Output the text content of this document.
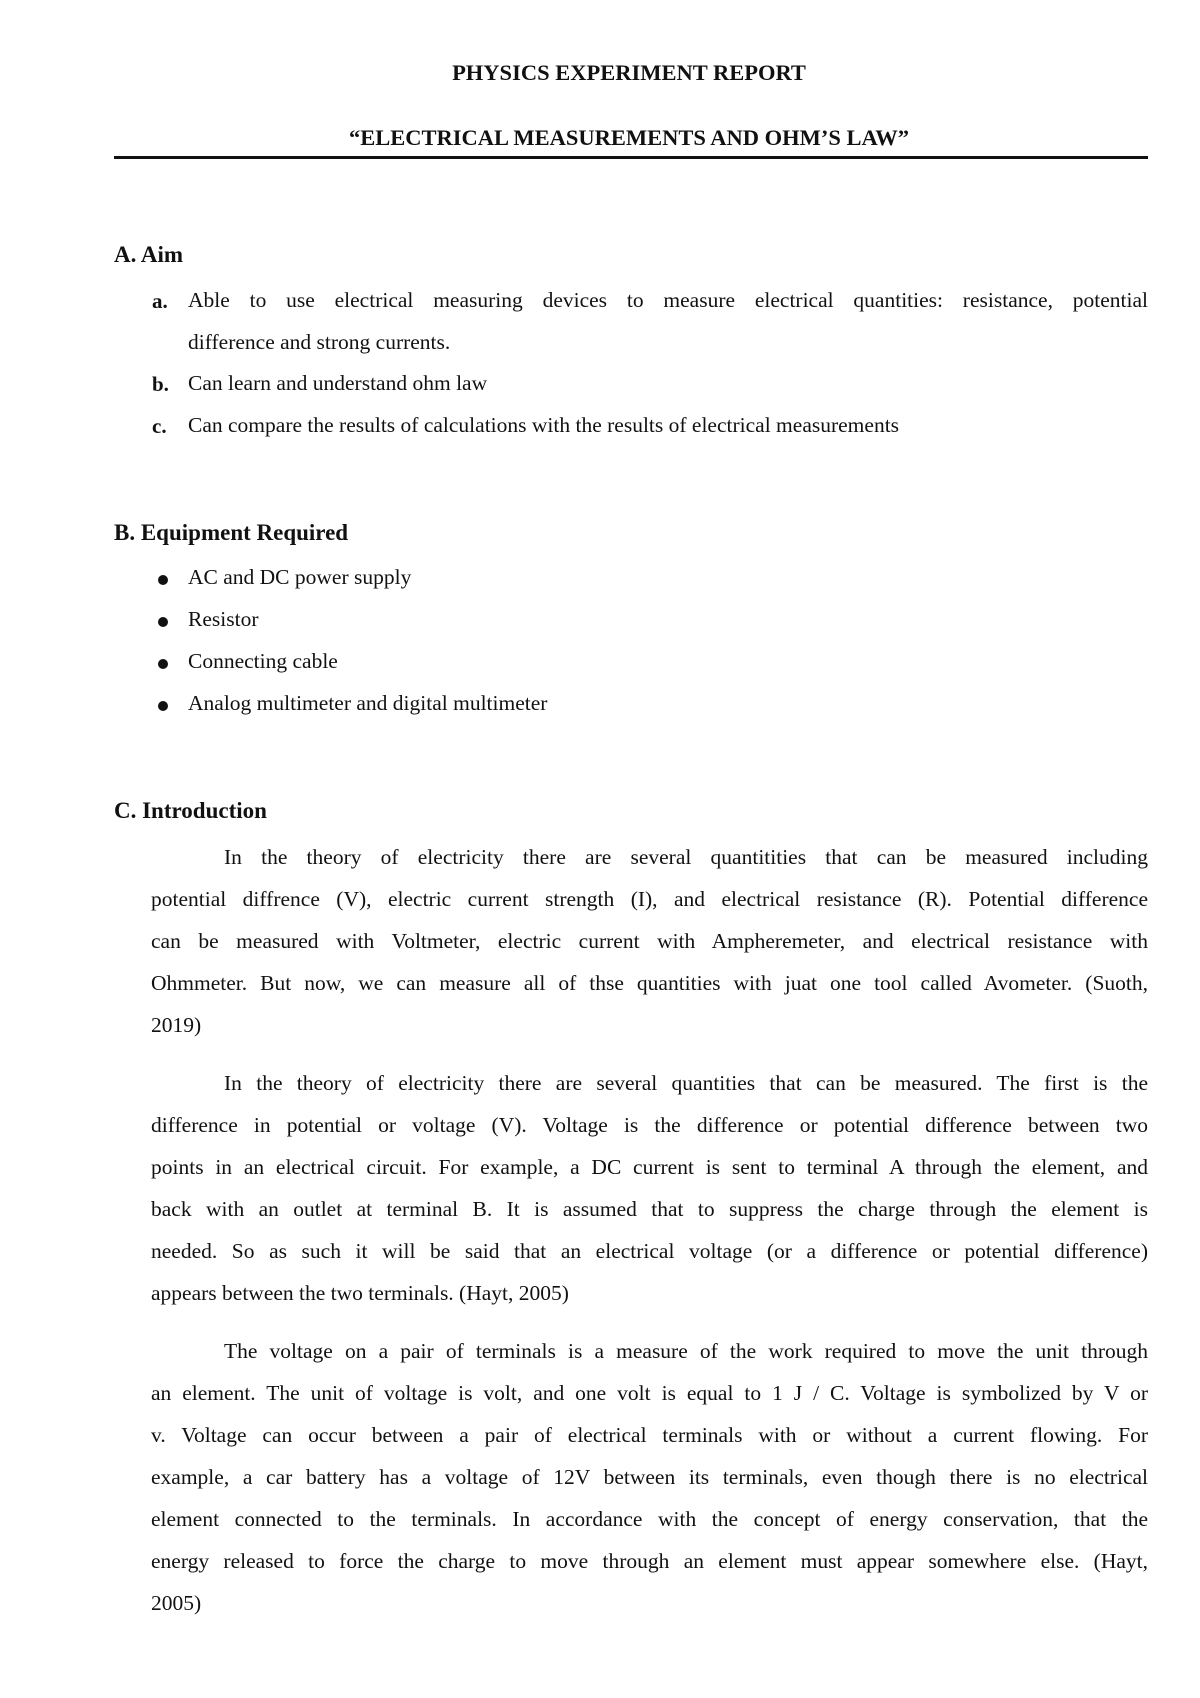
PHYSICS EXPERIMENT REPORT
“ELECTRICAL MEASUREMENTS AND OHM’S LAW”
A. Aim
a. Able to use electrical measuring devices to measure electrical quantities: resistance, potential
difference and strong currents.
b. Can learn and understand ohm law
c. Can compare the results of calculations with the results of electrical measurements
B. Equipment Required
AC and DC power supply
Resistor
Connecting cable
Analog multimeter and digital multimeter
C. Introduction
In the theory of electricity there are several quantitities that can be measured including
potential diffrence (V), electric current strength (I), and electrical resistance (R). Potential difference
can be measured with Voltmeter, electric current with Ampheremeter, and electrical resistance with
Ohmmeter. But now, we can measure all of thse quantities with juat one tool called Avometer. (Suoth,
2019)
In the theory of electricity there are several quantities that can be measured. The first is the
difference in potential or voltage (V). Voltage is the difference or potential difference between two
points in an electrical circuit. For example, a DC current is sent to terminal A through the element, and
back with an outlet at terminal B. It is assumed that to suppress the charge through the element is
needed. So as such it will be said that an electrical voltage (or a difference or potential difference)
appears between the two terminals. (Hayt, 2005)
The voltage on a pair of terminals is a measure of the work required to move the unit through
an element. The unit of voltage is volt, and one volt is equal to 1 J / C. Voltage is symbolized by V or
v. Voltage can occur between a pair of electrical terminals with or without a current flowing. For
example, a car battery has a voltage of 12V between its terminals, even though there is no electrical
element connected to the terminals. In accordance with the concept of energy conservation, that the
energy released to force the charge to move through an element must appear somewhere else. (Hayt,
2005)
